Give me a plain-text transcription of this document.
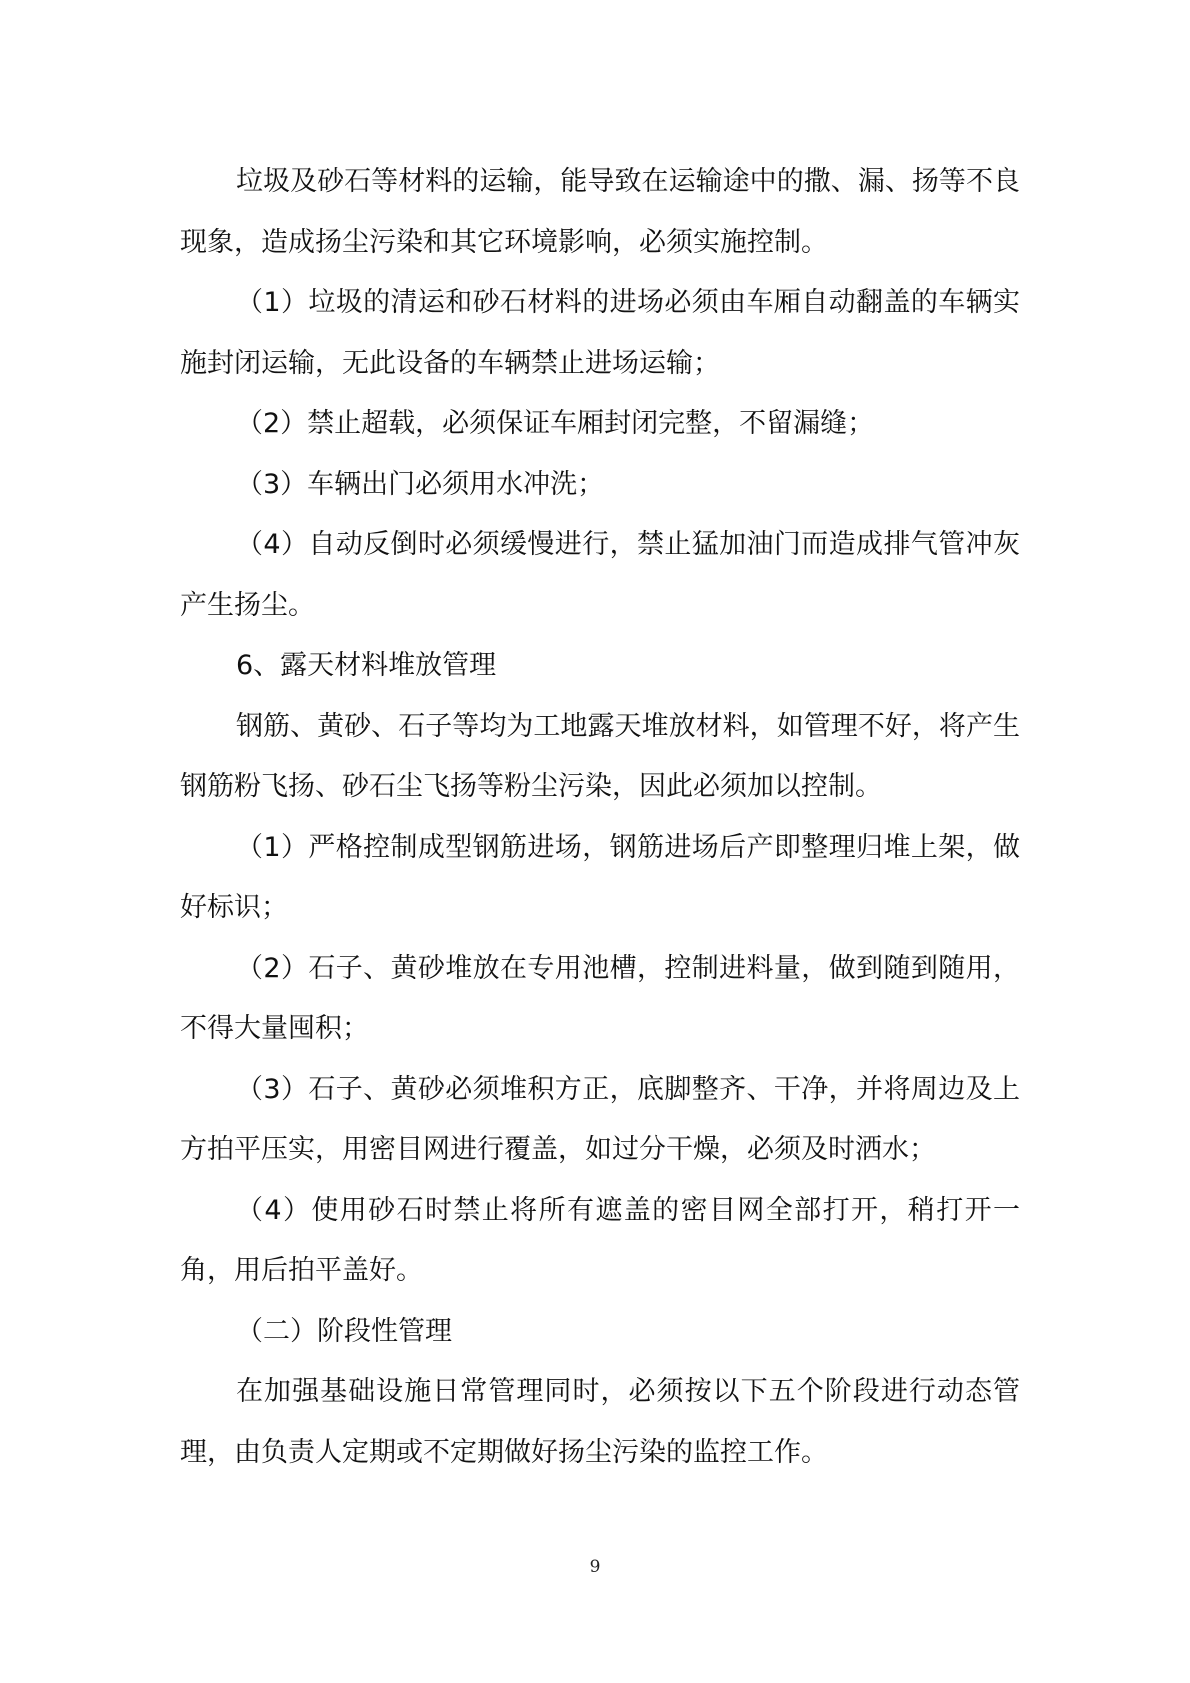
垃圾及砂石等材料的运输，能导致在运输途中的撒、漏、扬等不良现象，造成扬尘污染和其它环境影响，必须实施控制。

（1）垃圾的清运和砂石材料的进场必须由车厢自动翻盖的车辆实施封闭运输，无此设备的车辆禁止进场运输；

（2）禁止超载，必须保证车厢封闭完整，不留漏缝；

（3）车辆出门必须用水冲洗；

（4）自动反倒时必须缓慢进行，禁止猛加油门而造成排气管冲灰产生扬尘。

6、露天材料堆放管理

钢筋、黄砂、石子等均为工地露天堆放材料，如管理不好，将产生钢筋粉飞扬、砂石尘飞扬等粉尘污染，因此必须加以控制。

（1）严格控制成型钢筋进场，钢筋进场后产即整理归堆上架，做好标识；

（2）石子、黄砂堆放在专用池槽，控制进料量，做到随到随用，不得大量囤积；

（3）石子、黄砂必须堆积方正，底脚整齐、干净，并将周边及上方拍平压实，用密目网进行覆盖，如过分干燥，必须及时洒水；

（4）使用砂石时禁止将所有遮盖的密目网全部打开，稍打开一角，用后拍平盖好。

（二）阶段性管理

在加强基础设施日常管理同时，必须按以下五个阶段进行动态管理，由负责人定期或不定期做好扬尘污染的监控工作。

9
